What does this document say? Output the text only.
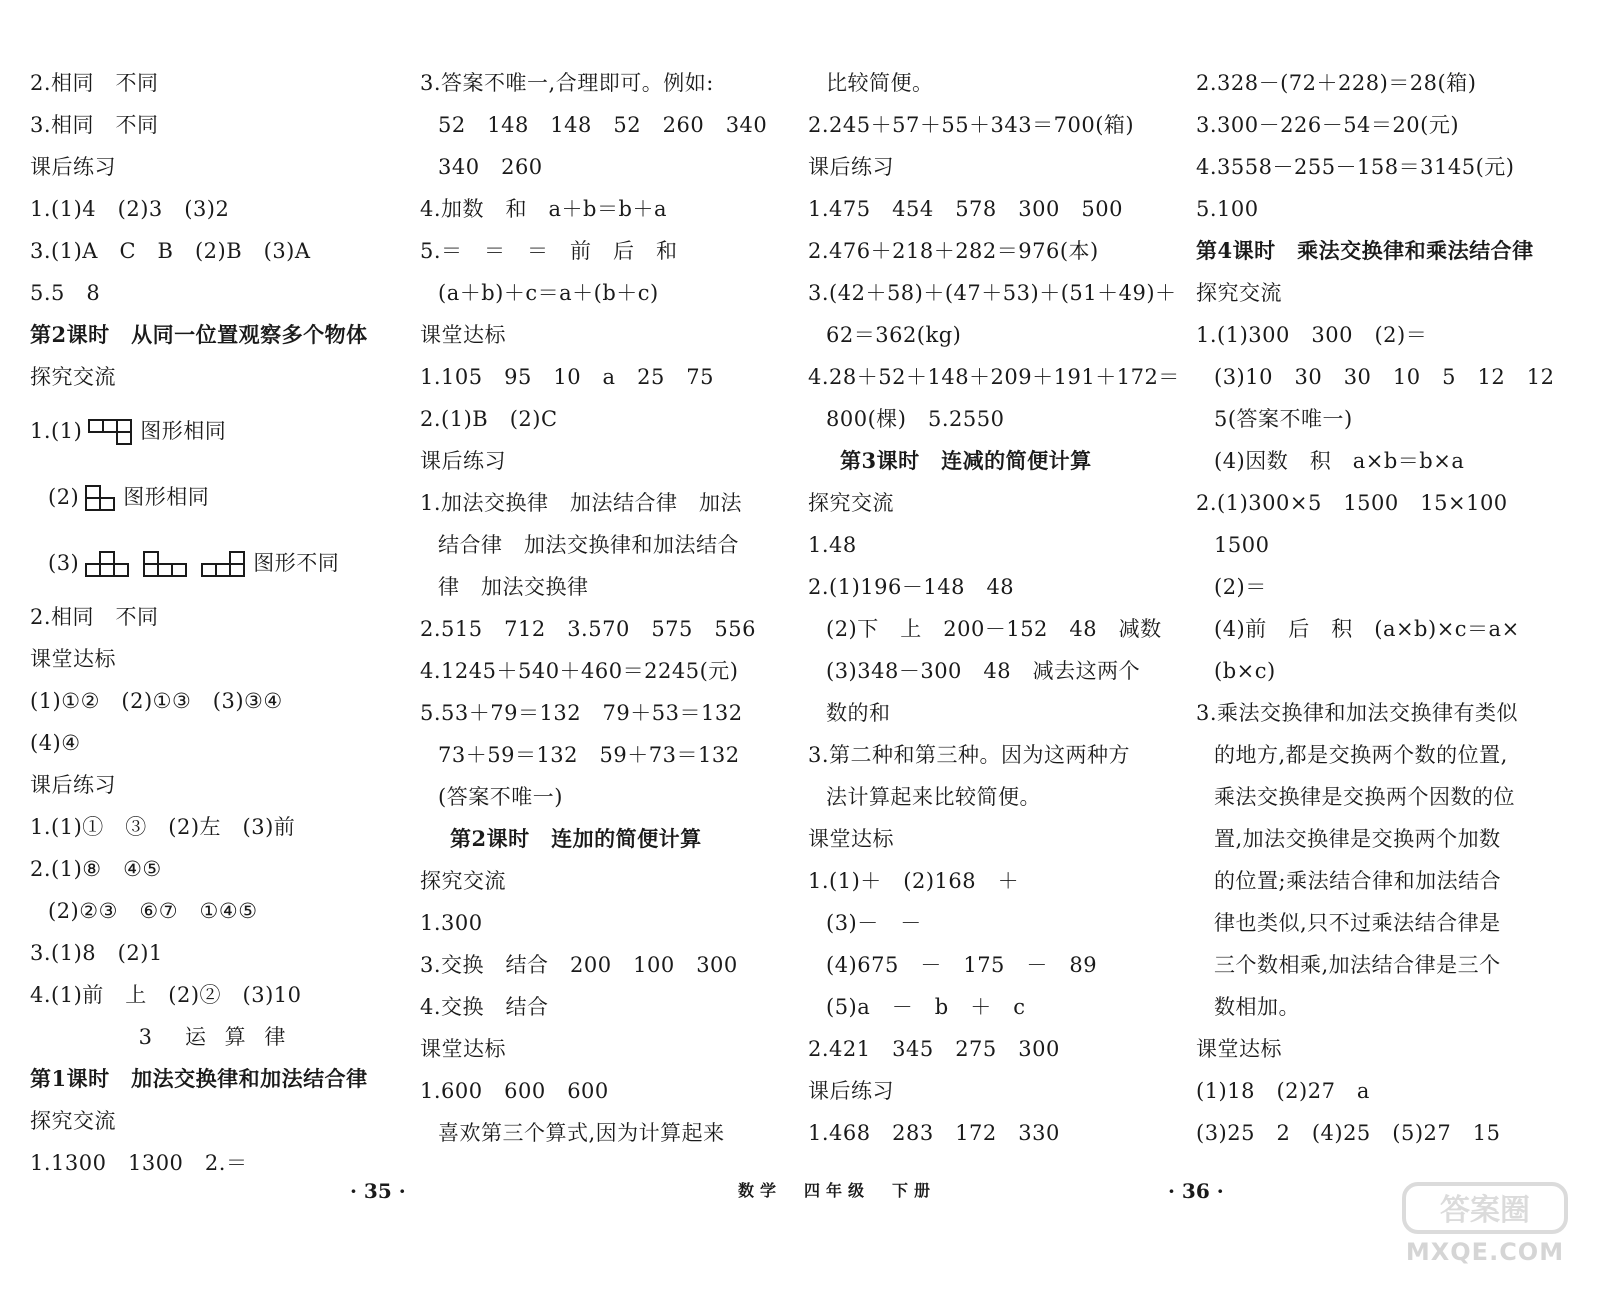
2.相同　不同
3.相同　不同
课后练习
1.(1)4　(2)3　(3)2
3.(1)A　C　B　(2)B　(3)A
5.5　8
第2课时　从同一位置观察多个物体
探究交流
1.(1)	图形相同
(2) 图形相同
(3)	图形不同
2.相同　不同
课堂达标
(1)①②　(2)①③　(3)③④
(4)④
课后练习
1.(1)①　③　(2)左　(3)前
2.(1)⑧　④⑤
(2)②③　⑥⑦　①④⑤
3.(1)8　(2)1
4.(1)前　上　(2)②　(3)10
3　运 算 律
第1课时　加法交换律和加法结合律
探究交流
1.1300　1300　2.＝
3.答案不唯一,合理即可。例如:
52　148　148　52　260　340
340　260
4.加数　和　a＋b＝b＋a
5.＝　＝　＝　前　后　和
(a＋b)＋c＝a＋(b＋c)
课堂达标
1.105　95　10　a　25　75
2.(1)B　(2)C
课后练习
1.加法交换律　加法结合律　加法
结合律　加法交换律和加法结合
律　加法交换律
2.515　712　3.570　575　556
4.1245＋540＋460＝2245(元)
5.53＋79＝132　79＋53＝132
73＋59＝132　59＋73＝132
(答案不唯一)
第2课时　连加的简便计算
探究交流
1.300
3.交换　结合　200　100　300
4.交换　结合
课堂达标
1.600　600　600
喜欢第三个算式,因为计算起来
比较简便。
2.245＋57＋55＋343＝700(箱)
课后练习
1.475　454　578　300　500
2.476＋218＋282＝976(本)
3.(42＋58)＋(47＋53)＋(51＋49)＋
62＝362(kg)
4.28＋52＋148＋209＋191＋172＝
800(棵)　5.2550
第3课时　连减的简便计算
探究交流
1.48
2.(1)196－148　48
(2)下　上　200－152　48　减数
(3)348－300　48　减去这两个
数的和
3.第二种和第三种。因为这两种方
法计算起来比较简便。
课堂达标
1.(1)＋　(2)168　＋
(3)－　－
(4)675　－　175　－　89
(5)a　－　b　＋　c
2.421　345　275　300
课后练习
1.468　283　172　330
2.328－(72＋228)＝28(箱)
3.300－226－54＝20(元)
4.3558－255－158＝3145(元)
5.100
第4课时　乘法交换律和乘法结合律
探究交流
1.(1)300　300　(2)＝
(3)10　30　30　10　5　12　12
5(答案不唯一)
(4)因数　积　a×b＝b×a
2.(1)300×5　1500　15×100
1500
(2)＝
(4)前　后　积　(a×b)×c＝a×
(b×c)
3.乘法交换律和加法交换律有类似
的地方,都是交换两个数的位置,
乘法交换律是交换两个因数的位
置,加法交换律是交换两个加数
的位置;乘法结合律和加法结合
律也类似,只不过乘法结合律是
三个数相乘,加法结合律是三个
数相加。
课堂达标
(1)18　(2)27　a
(3)25　2　(4)25　(5)27　15
· 35 ·	数学　四年级　下册	· 36 ·
答案圈
MXQE.COM
